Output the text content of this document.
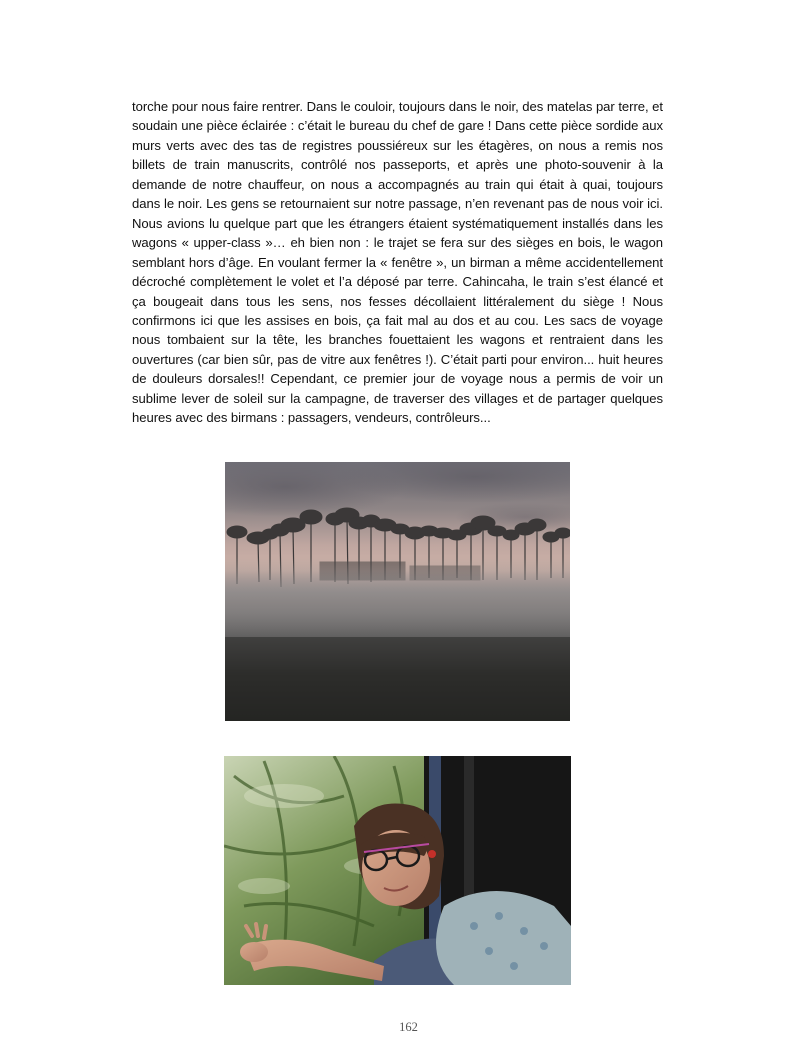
torche pour nous faire rentrer. Dans le couloir, toujours dans le noir, des matelas par terre, et soudain une pièce éclairée : c’était le bureau du chef de gare ! Dans cette pièce sordide aux murs verts avec des tas de registres poussiéreux sur les étagères, on nous a remis nos billets de train manuscrits, contrôlé nos passeports, et après une photo-souvenir à la demande de notre chauffeur, on nous a accompagnés au train qui était à quai, toujours dans le noir. Les gens se retournaient sur notre passage, n’en revenant pas de nous voir ici. Nous avions lu quelque part que les étrangers étaient systématiquement installés dans les wagons « upper-class »… eh bien non : le trajet se fera sur des sièges en bois, le wagon semblant hors d’âge. En voulant fermer la « fenêtre », un birman a même accidentellement décroché complètement le volet et l’a déposé par terre. Cahincaha, le train s’est élancé et ça bougeait dans tous les sens, nos fesses décollaient littéralement du siège ! Nous confirmons ici que les assises en bois, ça fait mal au dos et au cou. Les sacs de voyage nous tombaient sur la tête, les branches fouettaient les wagons et rentraient dans les ouvertures (car bien sûr, pas de vitre aux fenêtres !). C’était parti pour environ... huit heures de douleurs dorsales!! Cependant, ce premier jour de voyage nous a permis de voir un sublime lever de soleil sur la campagne, de traverser des villages et de partager quelques heures avec des birmans : passagers, vendeurs, contrôleurs...

162
